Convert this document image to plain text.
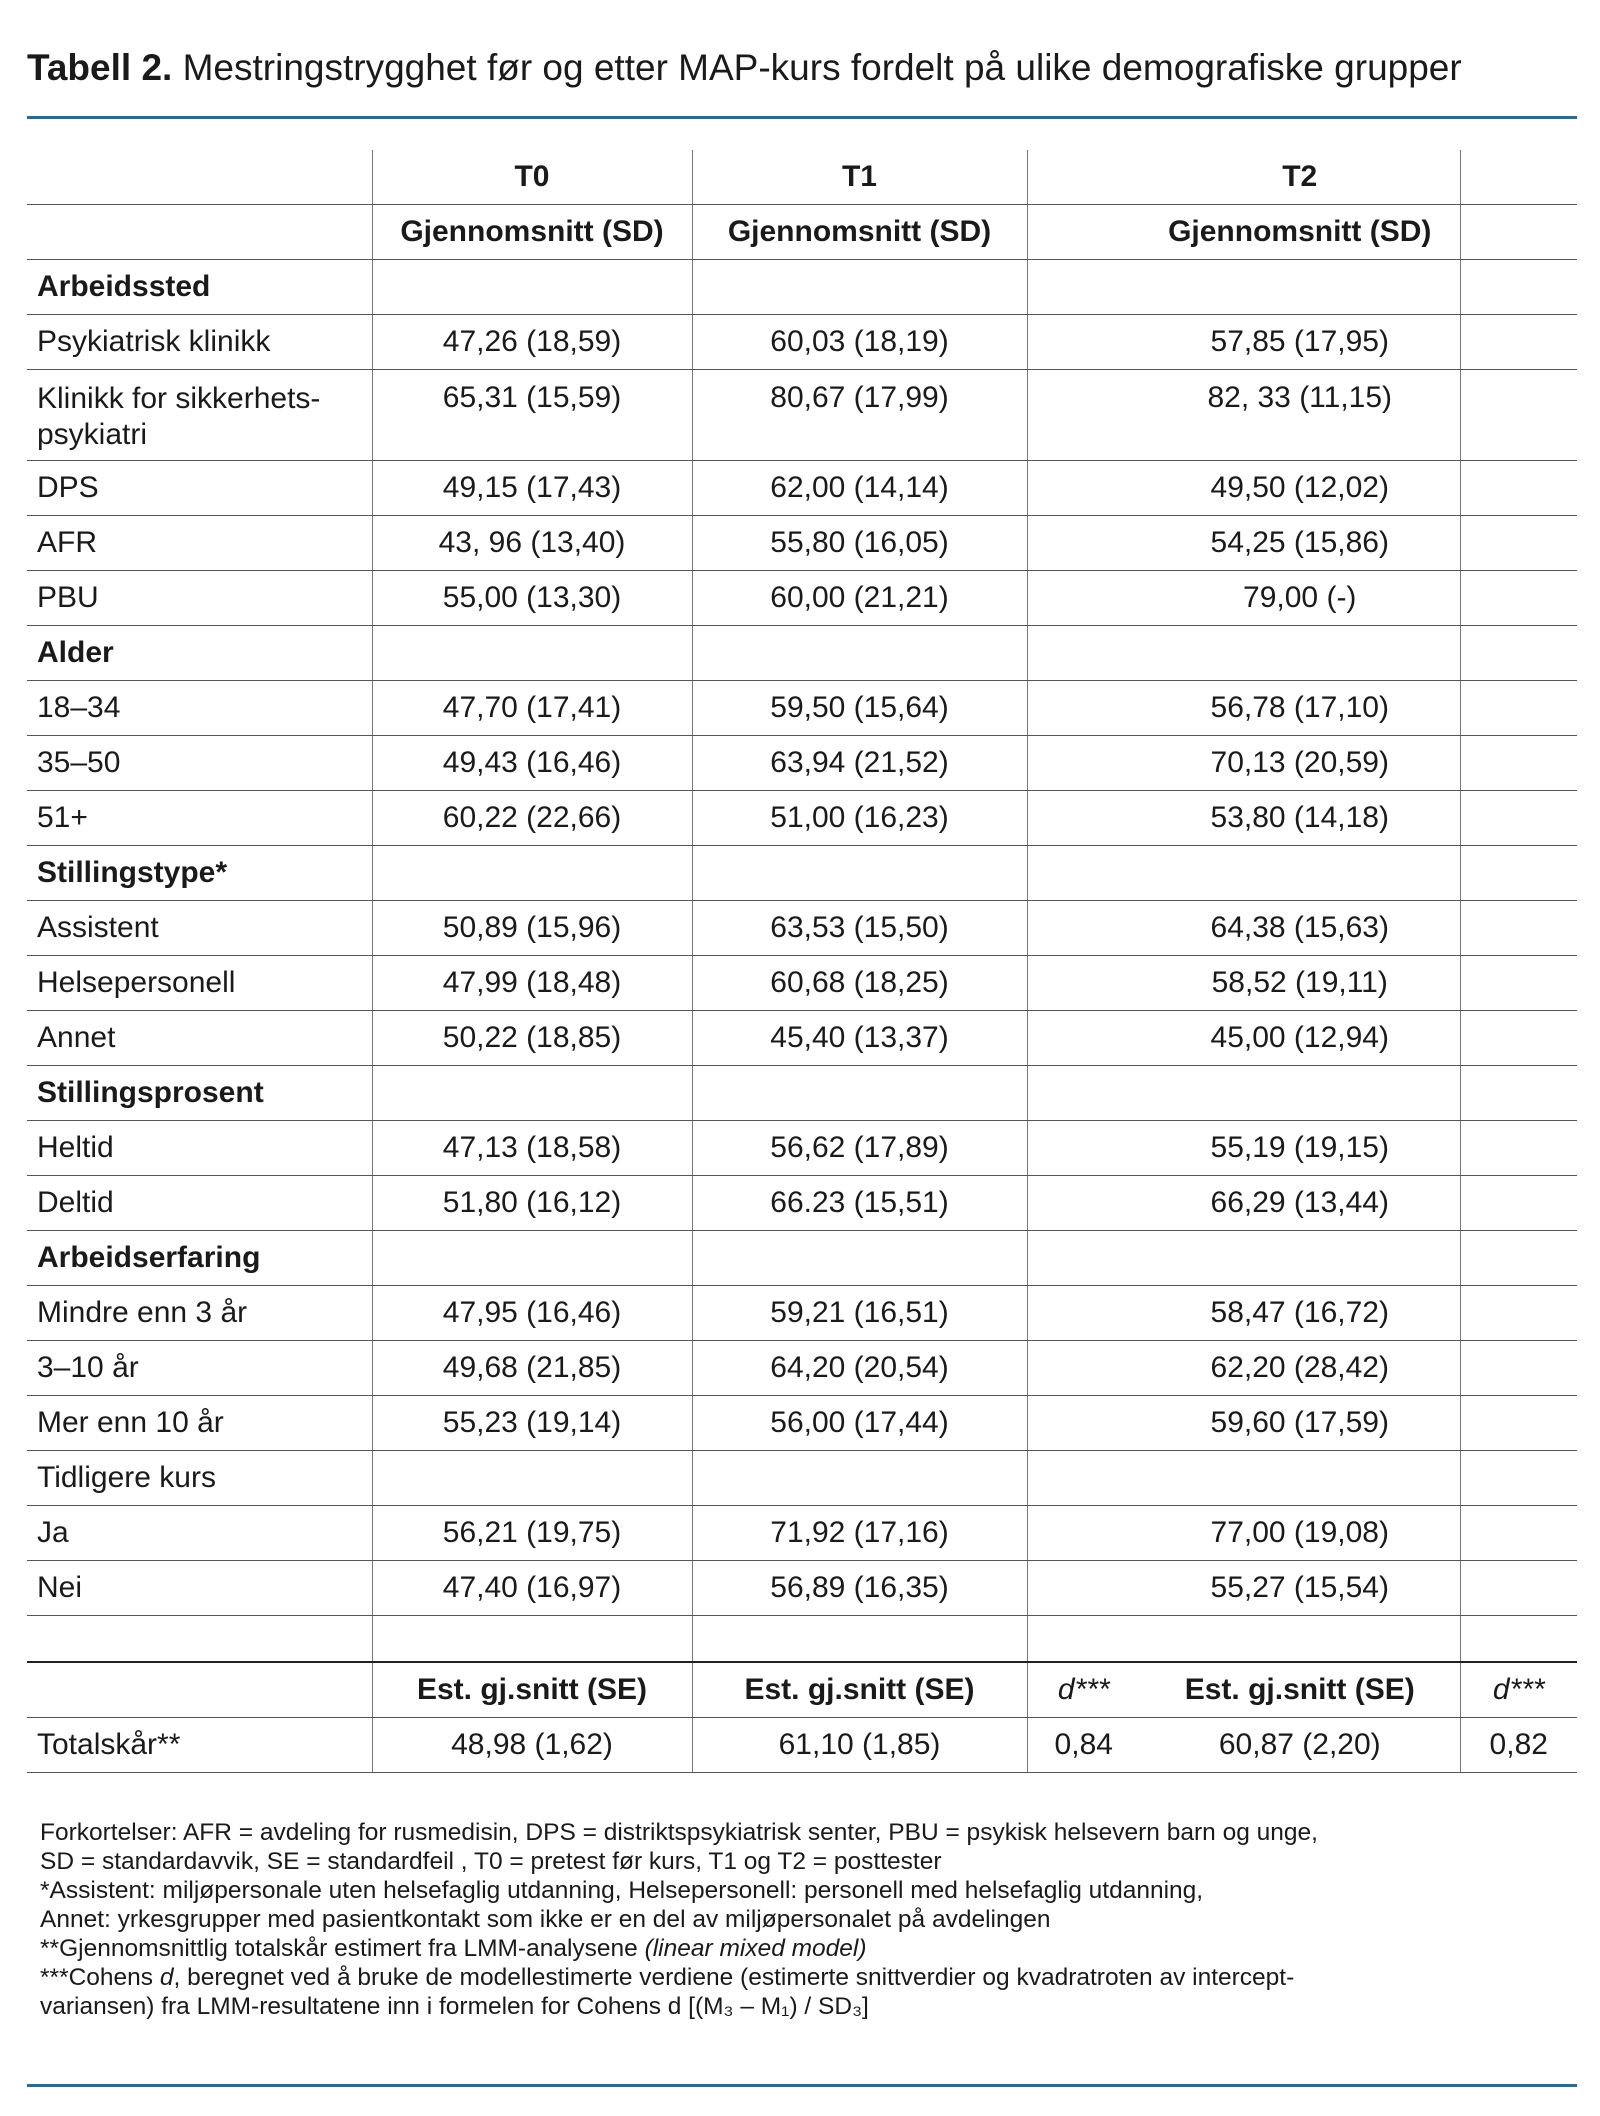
Tabell 2. Mestringstrygghet før og etter MAP-kurs fordelt på ulike demografiske grupper
	T0	T1		T2	
	Gjennomsnitt (SD)	Gjennomsnitt (SD)		Gjennomsnitt (SD)	
Arbeidssted					
Psykiatrisk klinikk	47,26 (18,59)	60,03 (18,19)		57,85 (17,95)	

Klinikk for sikkerhets-
psykiatri	65,31 (15,59)	80,67 (17,99)		82, 33 (11,15)	
DPS	49,15 (17,43)	62,00 (14,14)		49,50 (12,02)	
AFR	43, 96 (13,40)	55,80 (16,05)		54,25 (15,86)	
PBU	55,00 (13,30)	60,00 (21,21)		79,00 (-)	
Alder					
18–34	47,70 (17,41)	59,50 (15,64)		56,78 (17,10)	
35–50	49,43 (16,46)	63,94 (21,52)		70,13 (20,59)	
51+	60,22 (22,66)	51,00 (16,23)		53,80 (14,18)	
Stillingstype*					
Assistent	50,89 (15,96)	63,53 (15,50)		64,38 (15,63)	
Helsepersonell	47,99 (18,48)	60,68 (18,25)		58,52 (19,11)	
Annet	50,22 (18,85)	45,40 (13,37)		45,00 (12,94)	
Stillingsprosent					
Heltid	47,13 (18,58)	56,62 (17,89)		55,19 (19,15)	
Deltid	51,80 (16,12)	66.23 (15,51)		66,29 (13,44)	
Arbeidserfaring					
Mindre enn 3 år	47,95 (16,46)	59,21 (16,51)		58,47 (16,72)	
3–10 år	49,68 (21,85)	64,20 (20,54)		62,20 (28,42)	
Mer enn 10 år	55,23 (19,14)	56,00 (17,44)		59,60 (17,59)	
Tidligere kurs					
Ja	56,21 (19,75)	71,92 (17,16)		77,00 (19,08)	
Nei	47,40 (16,97)	56,89 (16,35)		55,27 (15,54)	

	Est. gj.snitt (SE)	Est. gj.snitt (SE)	d***	Est. gj.snitt (SE)	d***
Totalskår**	48,98 (1,62)	61,10 (1,85)	0,84	60,87 (2,20)	0,82

Forkortelser: AFR = avdeling for rusmedisin, DPS = distriktspsykiatrisk senter, PBU = psykisk helsevern barn og unge,

SD = standardavvik, SE = standardfeil , T0 = pretest før kurs, T1 og T2 = posttester

*Assistent: miljøpersonale uten helsefaglig utdanning, Helsepersonell: personell med helsefaglig utdanning,

Annet: yrkesgrupper med pasientkontakt som ikke er en del av miljøpersonalet på avdelingen

**Gjennomsnittlig totalskår estimert fra LMM-analysene (linear mixed model)

***Cohens d, beregnet ved å bruke de modellestimerte verdiene (estimerte snittverdier og kvadratroten av intercept-

variansen) fra LMM-resultatene inn i formelen for Cohens d [(M₃ – M₁) / SD₃]
